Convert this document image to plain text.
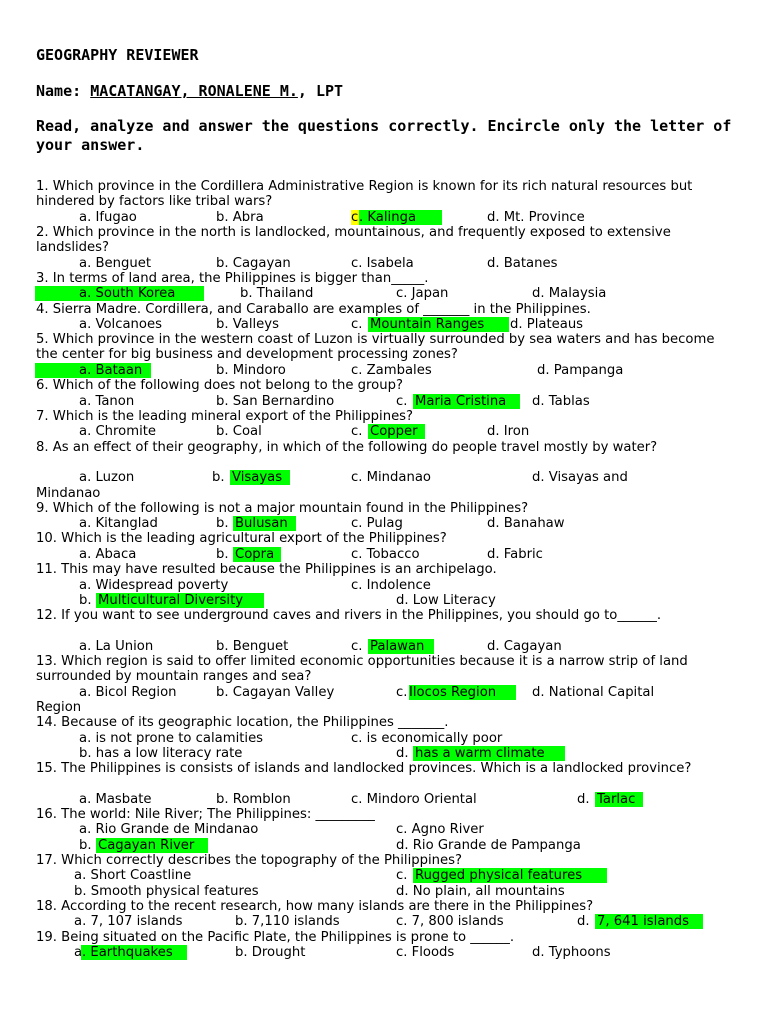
GEOGRAPHY REVIEWER
Name: MACATANGAY, RONALENE M., LPT
Read, analyze and answer the questions correctly. Encircle only the letter of your answer.
1. Which province in the Cordillera Administrative Region is known for its rich natural resources but hindered by factors like tribal wars?
a. Ifugao	b. Abra	c . Kalinga	d. Mt. Province
2. Which province in the north is landlocked, mountainous, and frequently exposed to extensive landslides?
a. Benguet	b. Cagayan	c. Isabela	d. Batanes
3. In terms of land area, the Philippines is bigger than_____.
a. South Korea	b. Thailand	c. Japan	d. Malaysia
4. Sierra Madre. Cordillera, and Caraballo are examples of _______ in the Philippines.
a. Volcanoes	b. Valleys	c. Mountain Ranges d. Plateaus
5. Which province in the western coast of Luzon is virtually surrounded by sea waters and has become the center for big business and development processing zones?
a. Bataan	b. Mindoro	c. Zambales	d. Pampanga
6. Which of the following does not belong to the group?
a. Tanon	b. San Bernardino	c. Maria Cristina d. Tablas
7. Which is the leading mineral export of the Philippines?
a. Chromite	b. Coal	c. Copper	d. Iron
8. As an effect of their geography, in which of the following do people travel mostly by water?
a. Luzon	b. Visayas	c. Mindanao	d. Visayas and
Mindanao
9. Which of the following is not a major mountain found in the Philippines?
a. Kitanglad	b. Bulusan	c. Pulag	d. Banahaw
10. Which is the leading agricultural export of the Philippines?
a. Abaca	b. Copra	c. Tobacco	d. Fabric
11. This may have resulted because the Philippines is an archipelago.
a. Widespread poverty	c. Indolence
b. Multicultural Diversity	d. Low Literacy
12. If you want to see underground caves and rivers in the Philippines, you should go to______.
a. La Union	b. Benguet	c. Palawan	d. Cagayan
13. Which region is said to offer limited economic opportunities because it is a narrow strip of land surrounded by mountain ranges and sea?
a. Bicol Region	b. Cagayan Valley	c. Ilocos Region	d. National Capital
Region
14. Because of its geographic location, the Philippines _______.
a. is not prone to calamities	c. is economically poor
b. has a low literacy rate	d. has a warm climate
15. The Philippines is consists of islands and landlocked provinces. Which is a landlocked province?
a. Masbate	b. Romblon	c. Mindoro Oriental	d. Tarlac
16. The world: Nile River; The Philippines: _________
a. Rio Grande de Mindanao	c. Agno River
b. Cagayan River	d. Rio Grande de Pampanga
17. Which correctly describes the topography of the Philippines?
a. Short Coastline	c. Rugged physical features
b. Smooth physical features	d. No plain, all mountains
18. According to the recent research, how many islands are there in the Philippines?
a. 7, 107 islands	b. 7,110 islands	c. 7, 800 islands	d. 7, 641 islands
19. Being situated on the Pacific Plate, the Philippines is prone to ______.
a . Earthquakes	b. Drought	c. Floods	d. Typhoons
